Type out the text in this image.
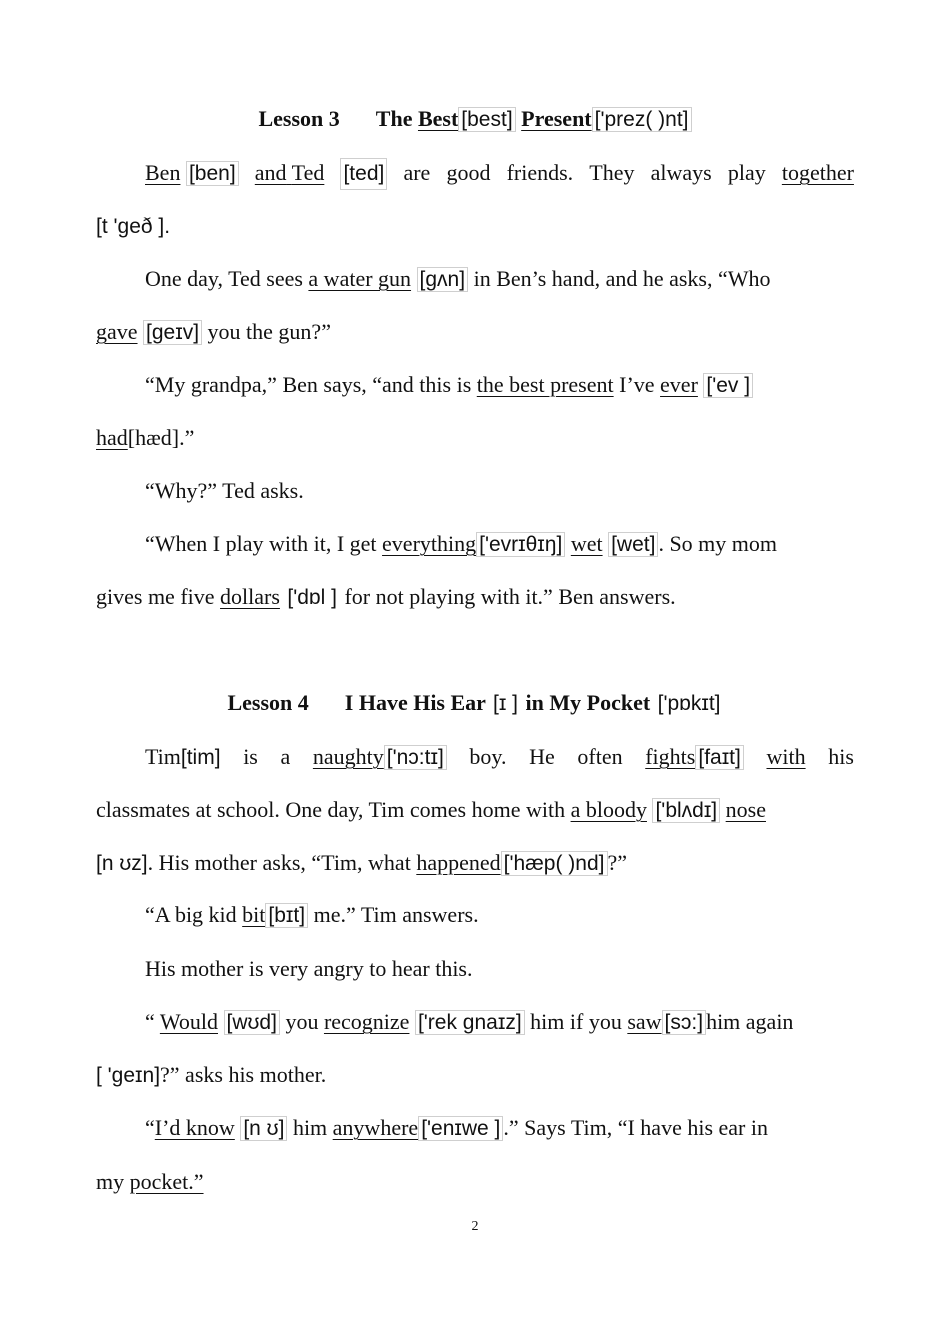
Lesson 3 The Best [best] Present ['prez( )nt]
Ben [ben] and Ted [ted] are good friends. They always play together
[t 'geð ].
One day, Ted sees a water gun [gʌn] in Ben’s hand, and he asks, “Who
gave [ɡeɪv] you the gun?”
“My grandpa,” Ben says, “and this is the best present I’ve ever ['ev ]
had[hæd].”
“Why?” Ted asks.
“When I play with it, I get everything ['evrɪθɪŋ] wet [wet] . So my mom
gives me five dollars ['dɒl ] for not playing with it.” Ben answers.
Lesson 4 I Have His Ear [ɪ ] in My Pocket ['pɒkɪt]
Tim[tim] is a naughty ['nɔ:tɪ] boy. He often fights [faɪt] with his
classmates at school. One day, Tim comes home with a bloody ['blʌdɪ] nose
[n ʊz]. His mother asks, “Tim, what happened ['hæp( )nd] ?”
“A big kid bit [bɪt] me.” Tim answers.
His mother is very angry to hear this.
“ Would [wʊd] you recognize ['rek ɡnaɪz] him if you saw [sɔ:] him again
[ 'geɪn]?” asks his mother.
“I’d know [n ʊ] him anywhere ['enɪwe ] .” Says Tim, “I have his ear in
my pocket.”
2
